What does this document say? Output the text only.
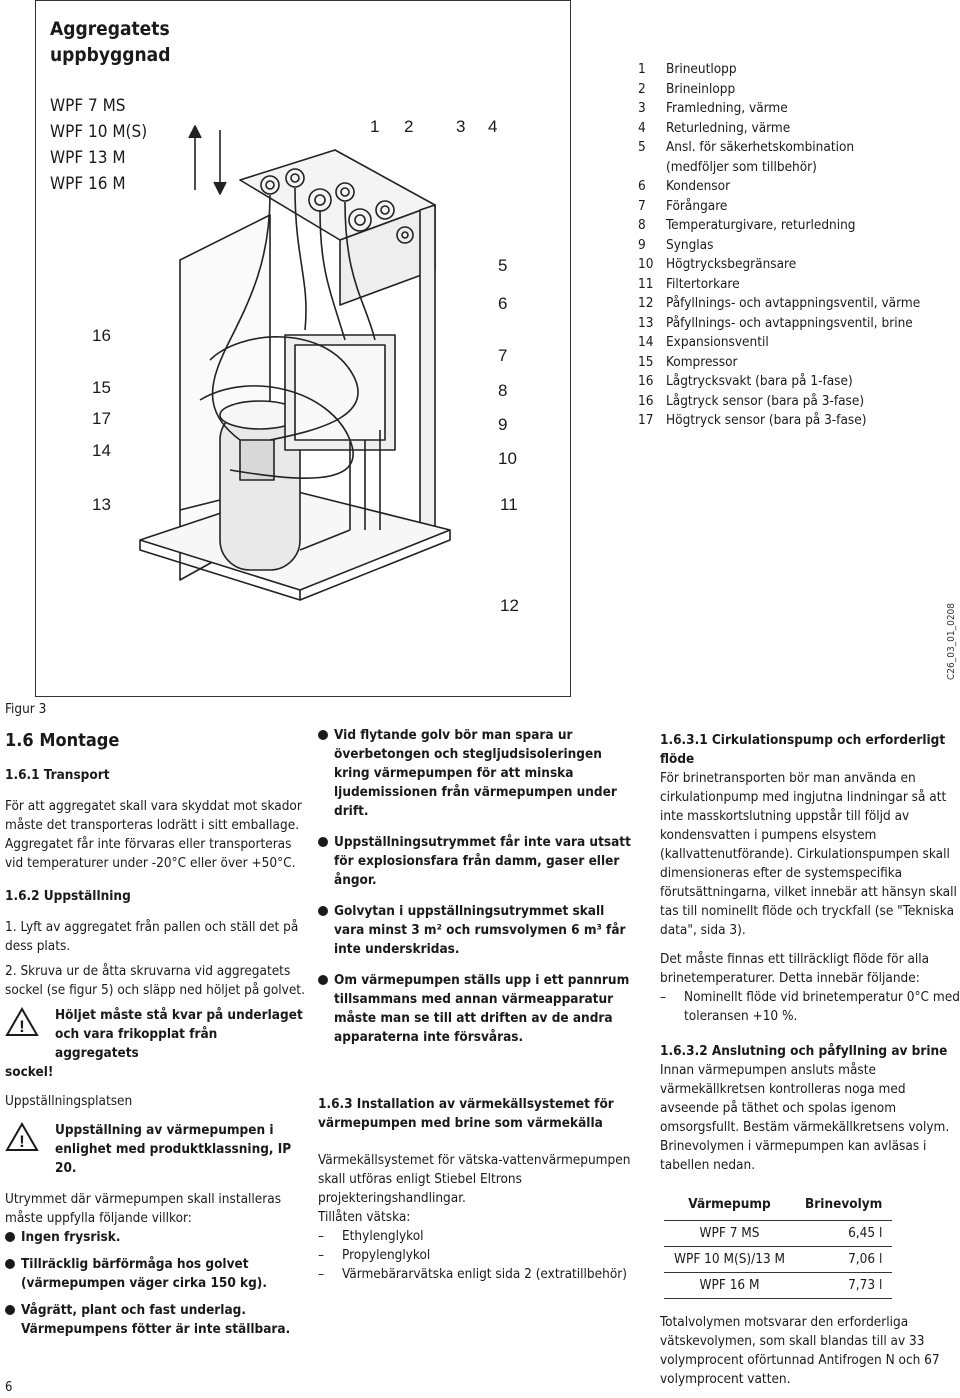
Aggregatets
uppbyggnad
WPF 7 MS
WPF 10 M(S)
WPF 13 M
WPF 16 M
1 2	3 4
5
6
7
8
9
10
11
12
13
14
15
16
17
C26_03_01_0208
1	Brineutlopp
2	Brineinlopp
3	Framledning, värme
4	Returledning, värme
5	Ansl. för säkerhetskombination
(medföljer som tillbehör)
6	Kondensor
7	Förångare
8	Temperaturgivare, returledning
9	Synglas
10 Högtrycksbegränsare
11 Filtertorkare
12 Påfyllnings- och avtappningsventil, värme
13 Påfyllnings- och avtappningsventil, brine
14 Expansionsventil
15 Kompressor
16 Lågtrycksvakt (bara på 1-fase)
16 Lågtryck sensor (bara på 3-fase)
17 Högtryck sensor (bara på 3-fase)

Figur 3

1.6 Montage
1.6.1 Transport

För att aggregatet skall vara skyddat mot skador måste det transporteras lodrätt i sitt emballage. Aggregatet får inte förvaras eller transporteras vid temperaturer under -20°C eller över +50°C.

1.6.2 Uppställning

1. Lyft av aggregatet från pallen och ställ det på dess plats.

2. Skruva ur de åtta skruvarna vid aggregatets sockel (se figur 5) och släpp ned höljet på golvet.

!

Höljet måste stå kvar på underlaget och vara frikopplat från aggregatets

sockel!

Uppställningsplatsen

!

Uppställning av värmepumpen i enlighet med produktklassning, IP 20.

Utrymmet där värmepumpen skall installeras måste uppfylla följande villkor:

Ingen frysrisk.
Tillräcklig bärförmåga hos golvet (värmepumpen väger cirka 150 kg).
Vågrätt, plant och fast underlag. Värmepumpens fötter är inte ställbara.
Vid flytande golv bör man spara ur överbetongen och stegljudsisoleringen kring värmepumpen för att minska ljudemissionen från värmepumpen under drift.
Uppställningsutrymmet får inte vara utsatt för explosionsfara från damm, gaser eller ångor.
Golvytan i uppställningsutrymmet skall vara minst 3 m² och rumsvolymen 6 m³ får inte underskridas.
Om värmepumpen ställs upp i ett pannrum tillsammans med annan värmeapparatur måste man se till att driften av de andra apparaterna inte försvåras.
1.6.3 Installation av värmekällsystemet för värmepumpen med brine som värmekälla

Värmekällsystemet för vätska-vattenvärmepumpen skall utföras enligt Stiebel Eltrons projekteringshandlingar.

Tillåten vätska:

–	Ethylenglykol
–	Propylenglykol
–	Värmebärarvätska enligt sida 2 (extratillbehör)
1.6.3.1 Cirkulationspump och erforderligt flöde

För brinetransporten bör man använda en cirkulationpump med ingjutna lindningar så att inte masskortslutning uppstår till följd av kondensvatten i pumpens elsystem (kallvattenutförande). Cirkulationspumpen skall dimensioneras efter de systemspecifika förutsättningarna, vilket innebär att hänsyn skall tas till nominellt flöde och tryckfall (se "Tekniska data", sida 3).

Det måste finnas ett tillräckligt flöde för alla brinetemperaturer. Detta innebär följande:

–	Nominellt flöde vid brinetemperatur 0°C med toleransen +10 %.
1.6.3.2 Anslutning och påfyllning av brine

Innan värmepumpen ansluts måste värmekällkretsen kontrolleras noga med avseende på täthet och spolas igenom omsorgsfullt. Bestäm värmekällkretsens volym. Brinevolymen i värmepumpen kan avläsas i tabellen nedan.

Värmepump	Brinevolym
WPF 7 MS	6,45 l
WPF 10 M(S)/13 M	7,06 l
WPF 16 M	7,73 l

Totalvolymen motsvarar den erforderliga vätskevolymen, som skall blandas till av 33 volymprocent oförtunnad Antifrogen N och 67 volymprocent vatten.

6
